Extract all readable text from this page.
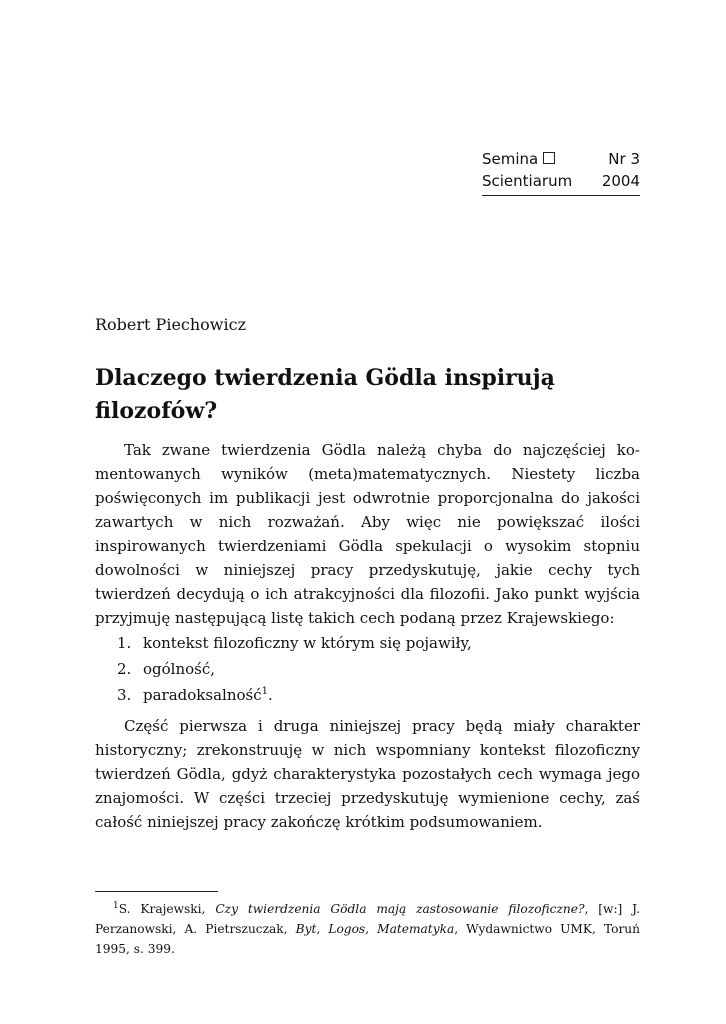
Semina	Nr 3
Scientiarum 2004
Robert Piechowicz
Dlaczego twierdzenia Gödla inspirują filozofów?

Tak zwane twierdzenia Gödla należą chyba do najczęściej komentowanych wyników (meta)matematycznych. Niestety liczba poświęconych im publikacji jest odwrotnie proporcjonalna do jakości zawartych w nich rozważań. Aby więc nie powiększać ilości inspirowanych twierdzeniami Gödla spekulacji o wysokim stopniu dowolności w niniejszej pracy przedyskutuję, jakie cechy tych twierdzeń decydują o ich atrakcyjności dla filozofii. Jako punkt wyjścia przyjmuję następującą listę takich cech podaną przez Krajewskiego:

1. kontekst filozoficzny w którym się pojawiły,
2. ogólność,
3. paradoksalność$^1$.

Część pierwsza i druga niniejszej pracy będą miały charakter historyczny; zrekonstruuję w nich wspomniany kontekst filozoficzny twierdzeń Gödla, gdyż charakterystyka pozostałych cech wymaga jego znajomości. W części trzeciej przedyskutuję wymienione cechy, zaś całość niniejszej pracy zakończę krótkim podsumowaniem.

$^1$S. Krajewski, Czy twierdzenia Gödla mają zastosowanie filozoficzne?, [w:] J. Perzanowski, A. Pietrszuczak, Byt, Logos, Matematyka, Wydawnictwo UMK, Toruń 1995, s. 399.
